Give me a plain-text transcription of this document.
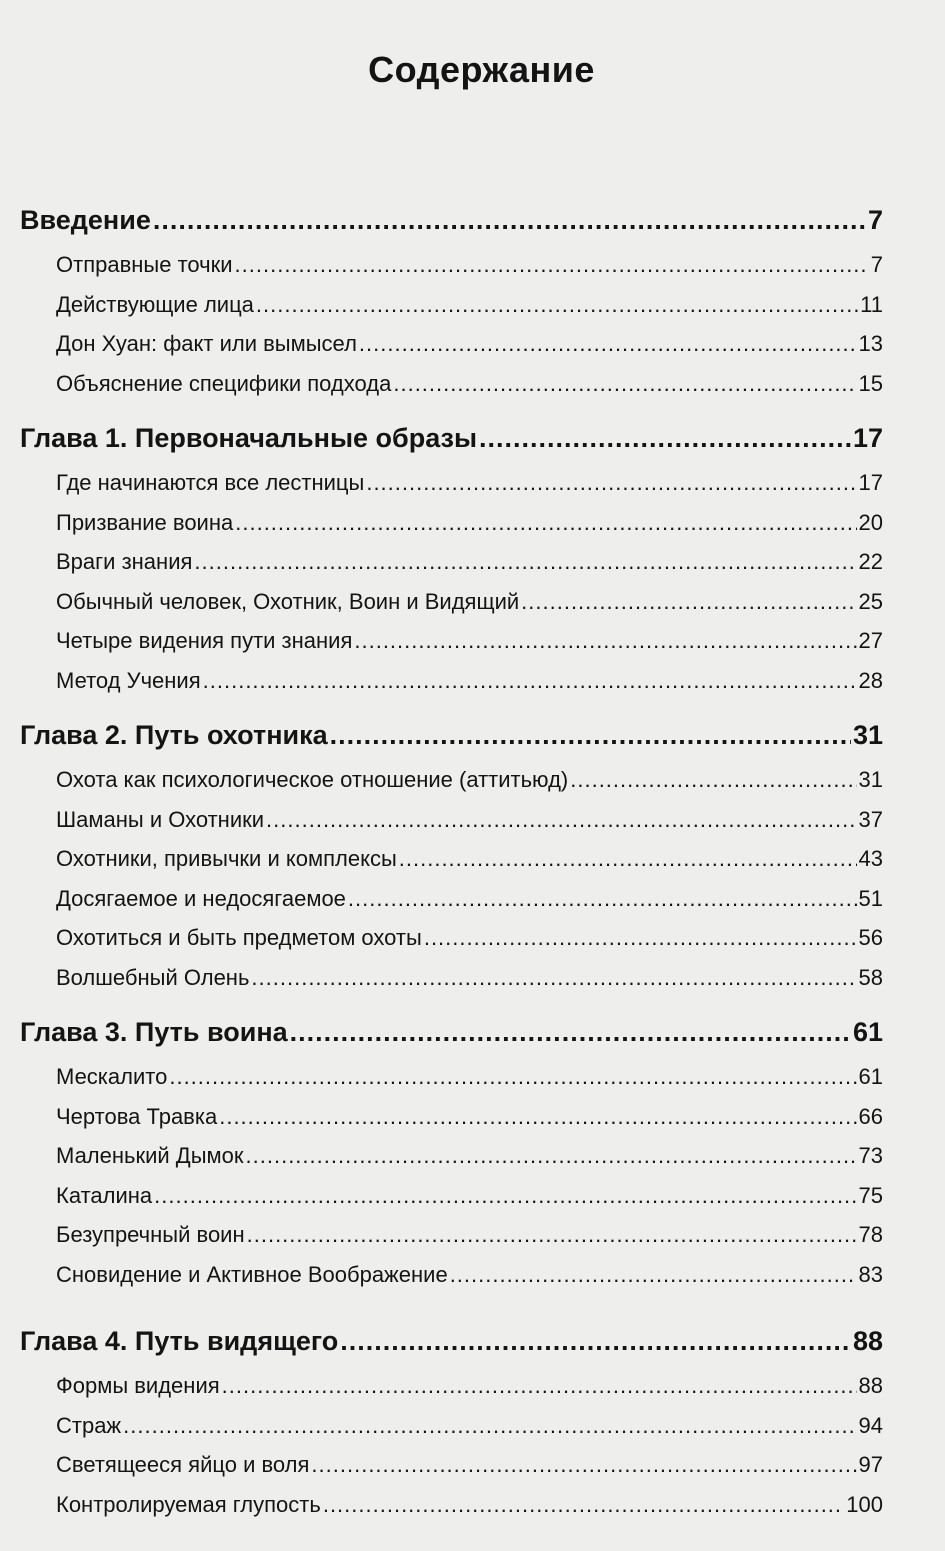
Содержание
Введение .....	7
Отправные точки .....	7
Действующие лица .....	11
Дон Хуан: факт или вымысел .....	13
Объяснение специфики подхода .....	15
Глава 1. Первоначальные образы .....	17
Где начинаются все лестницы .....	17
Призвание воина .....	20
Враги знания .....	22
Обычный человек, Охотник, Воин и Видящий .....	25
Четыре видения пути знания .....	27
Метод Учения .....	28
Глава 2. Путь охотника .....	31
Охота как психологическое отношение (аттитьюд) .....	31
Шаманы и Охотники .....	37
Охотники, привычки и комплексы .....	43
Досягаемое и недосягаемое .....	51
Охотиться и быть предметом охоты .....	56
Волшебный Олень .....	58
Глава 3. Путь воина .....	61
Мескалито .....	61
Чертова Травка .....	66
Маленький Дымок .....	73
Каталина .....	75
Безупречный воин .....	78
Сновидение и Активное Воображение .....	83
Глава 4. Путь видящего .....	88
Формы видения .....	88
Страж .....	94
Светящееся яйцо и воля .....	97
Контролируемая глупость .....	100
